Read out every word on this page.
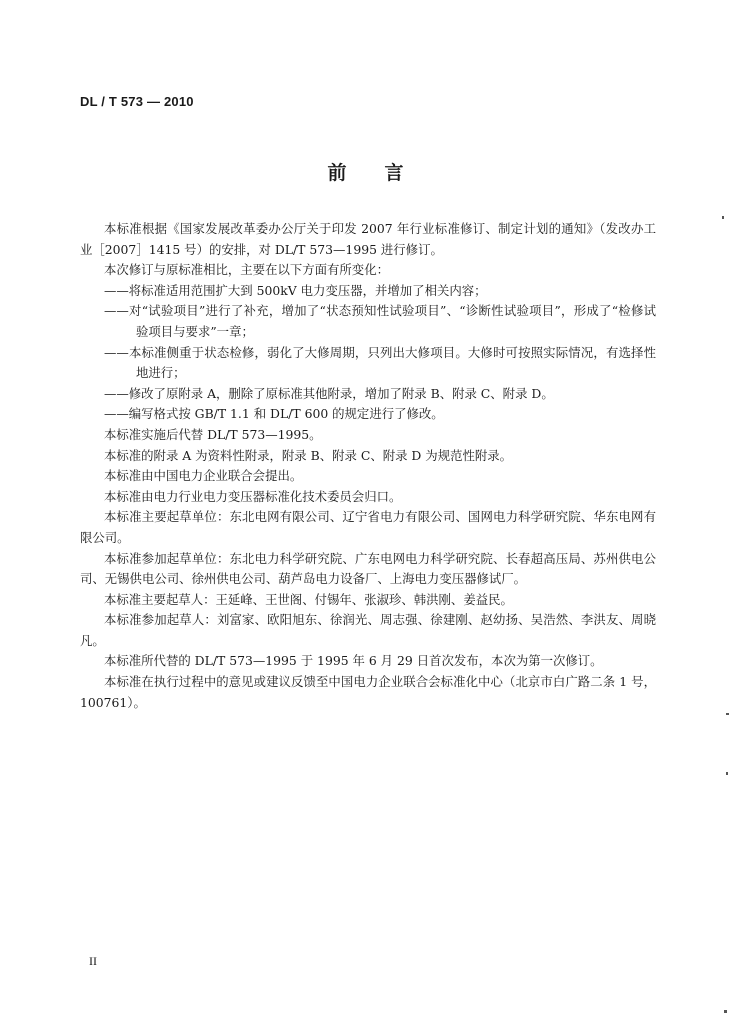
DL / T 573 — 2010
前言

本标准根据《国家发展改革委办公厅关于印发 2007 年行业标准修订、制定计划的通知》（发改办工业［2007］1415 号）的安排，对 DL/T 573—1995 进行修订。

本次修订与原标准相比，主要在以下方面有所变化：

——将标准适用范围扩大到 500kV 电力变压器，并增加了相关内容；

——对“试验项目”进行了补充，增加了“状态预知性试验项目”、“诊断性试验项目”，形成了“检修试验项目与要求”一章；

——本标准侧重于状态检修，弱化了大修周期，只列出大修项目。大修时可按照实际情况，有选择性地进行；

——修改了原附录 A，删除了原标准其他附录，增加了附录 B、附录 C、附录 D。

——编写格式按 GB/T 1.1 和 DL/T 600 的规定进行了修改。

本标准实施后代替 DL/T 573—1995。

本标准的附录 A 为资料性附录，附录 B、附录 C、附录 D 为规范性附录。

本标准由中国电力企业联合会提出。

本标准由电力行业电力变压器标准化技术委员会归口。

本标准主要起草单位：东北电网有限公司、辽宁省电力有限公司、国网电力科学研究院、华东电网有限公司。

本标准参加起草单位：东北电力科学研究院、广东电网电力科学研究院、长春超高压局、苏州供电公司、无锡供电公司、徐州供电公司、葫芦岛电力设备厂、上海电力变压器修试厂。

本标准主要起草人：王延峰、王世阁、付锡年、张淑珍、韩洪刚、姜益民。

本标准参加起草人：刘富家、欧阳旭东、徐润光、周志强、徐建刚、赵幼扬、吴浩然、李洪友、周晓凡。

本标准所代替的 DL/T 573—1995 于 1995 年 6 月 29 日首次发布，本次为第一次修订。

本标准在执行过程中的意见或建议反馈至中国电力企业联合会标准化中心（北京市白广路二条 1 号，100761）。

II
